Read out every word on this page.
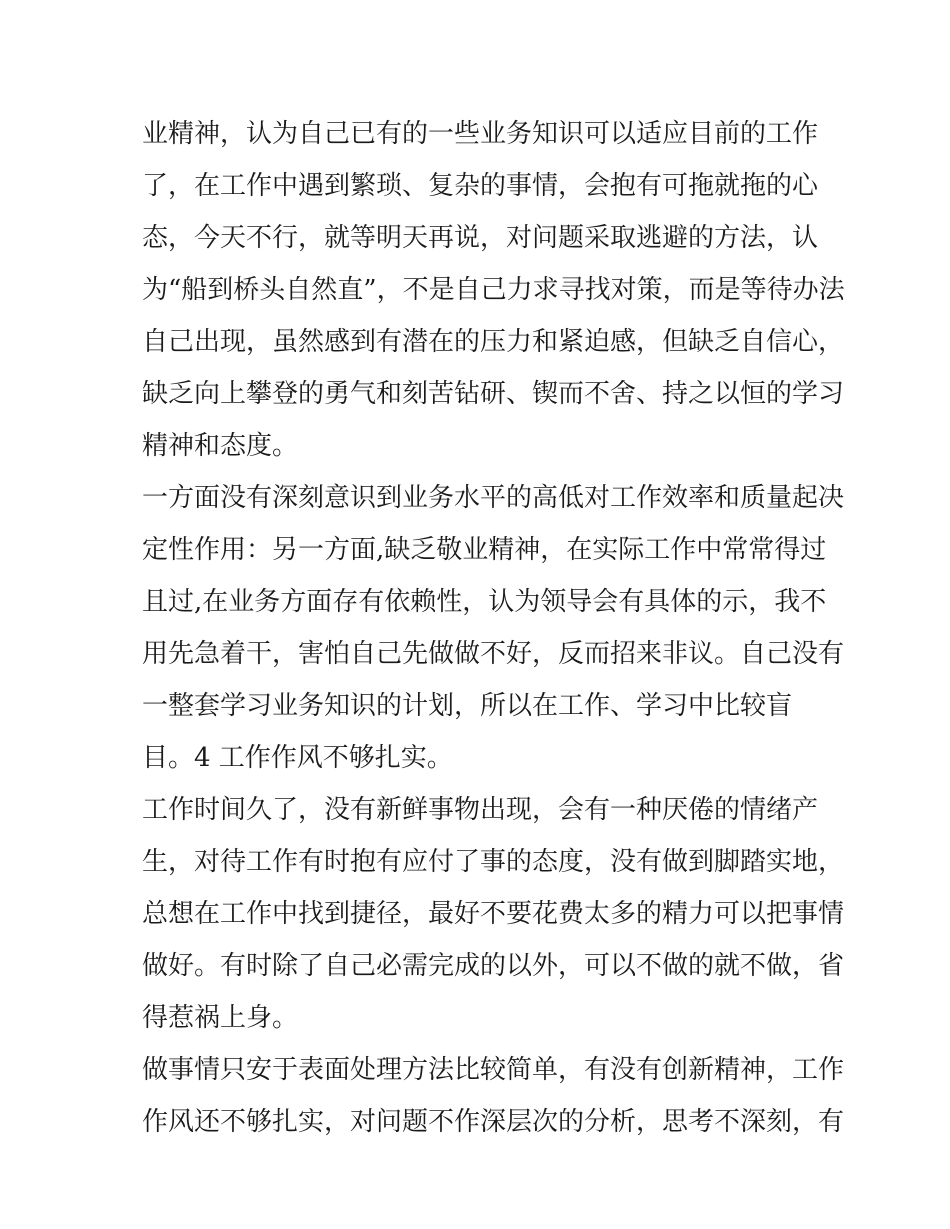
业精神，认为自己已有的一些业务知识可以适应目前的工作
了，在工作中遇到繁琐、复杂的事情，会抱有可拖就拖的心
态，今天不行，就等明天再说，对问题采取逃避的方法，认
为“船到桥头自然直”，不是自己力求寻找对策，而是等待办法
自己出现，虽然感到有潜在的压力和紧迫感，但缺乏自信心，
缺乏向上攀登的勇气和刻苦钻研、锲而不舍、持之以恒的学习
精神和态度。
一方面没有深刻意识到业务水平的高低对工作效率和质量起决
定性作用：另一方面,缺乏敬业精神，在实际工作中常常得过
且过,在业务方面存有依赖性，认为领导会有具体的示，我不
用先急着干，害怕自己先做做不好，反而招来非议。自己没有
一整套学习业务知识的计划，所以在工作、学习中比较盲
目。4 工作作风不够扎实。
工作时间久了，没有新鲜事物出现，会有一种厌倦的情绪产
生，对待工作有时抱有应付了事的态度，没有做到脚踏实地，
总想在工作中找到捷径，最好不要花费太多的精力可以把事情
做好。有时除了自己必需完成的以外，可以不做的就不做，省
得惹祸上身。
做事情只安于表面处理方法比较简单，有没有创新精神，工作
作风还不够扎实，对问题不作深层次的分析，思考不深刻，有
